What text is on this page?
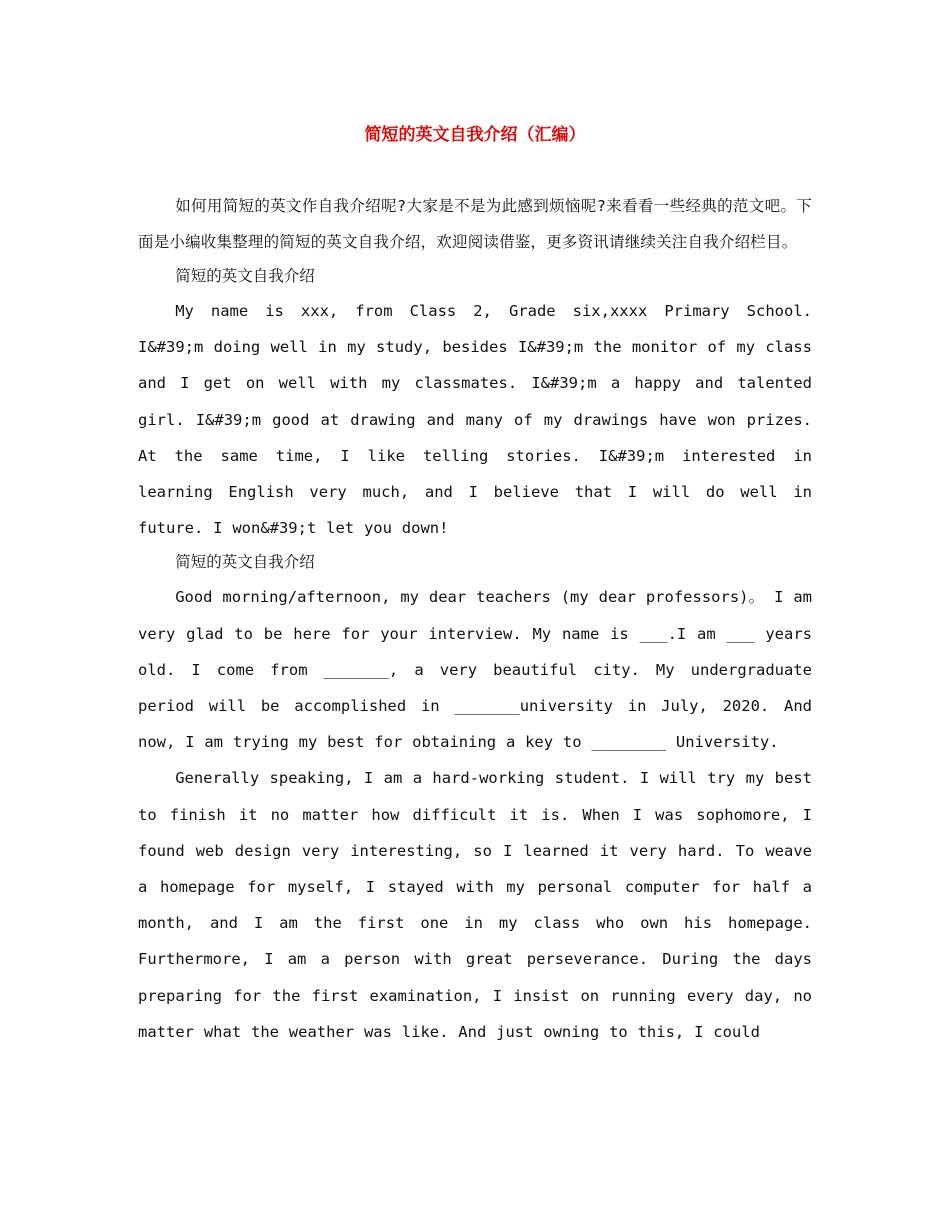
简短的英文自我介绍（汇编）

如何用简短的英文作自我介绍呢?大家是不是为此感到烦恼呢?来看看一些经典的范文吧。下面是小编收集整理的简短的英文自我介绍，欢迎阅读借鉴，更多资讯请继续关注自我介绍栏目。

简短的英文自我介绍

My name is xxx, from Class 2, Grade six,xxxx Primary School. I&#39;m doing well in my study, besides I&#39;m the monitor of my class and I get on well with my classmates. I&#39;m a happy and talented girl. I&#39;m good at drawing and many of my drawings have won prizes. At the same time, I like telling stories. I&#39;m interested in learning English very much, and I believe that I will do well in future. I won&#39;t let you down!

简短的英文自我介绍

Good morning/afternoon, my dear teachers (my dear professors)。 I am very glad to be here for your interview. My name is ___.I am ___ years old. I come from _______, a very beautiful city. My undergraduate period will be accomplished in _______university in July, 2020. And now, I am trying my best for obtaining a key to ________ University.

Generally speaking, I am a hard-working student. I will try my best to finish it no matter how difficult it is. When I was sophomore, I found web design very interesting, so I learned it very hard. To weave a homepage for myself, I stayed with my personal computer for half a month, and I am the first one in my class who own his homepage. Furthermore, I am a person with great perseverance. During the days preparing for the first examination, I insist on running every day, no matter what the weather was like. And just owning to this, I could
